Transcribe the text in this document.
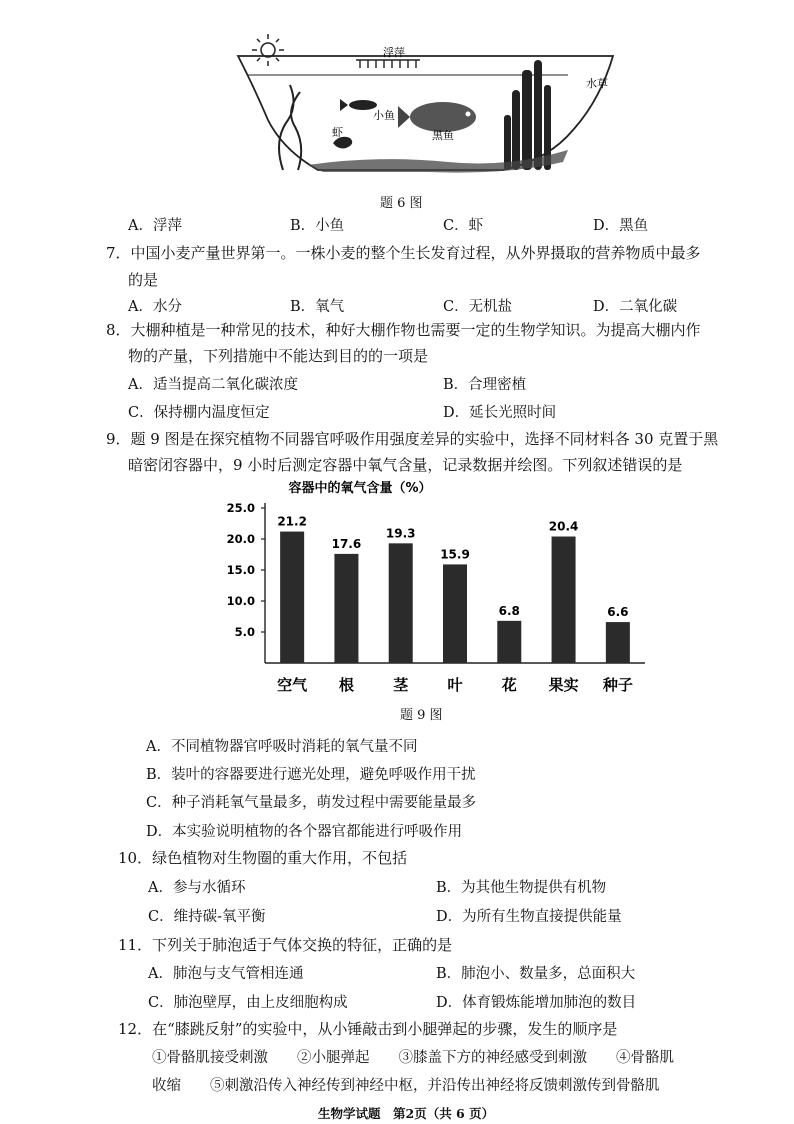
浮萍
小鱼
虾	黑鱼
水草
题 6 图
A．浮萍	B．小鱼	C．虾	D．黑鱼
7．中国小麦产量世界第一。一株小麦的整个生长发育过程，从外界摄取的营养物质中最多
的是
A．水分	B．氧气	C．无机盐	D．二氧化碳
8．大棚种植是一种常见的技术，种好大棚作物也需要一定的生物学知识。为提高大棚内作
物的产量，下列措施中不能达到目的的一项是
A．适当提高二氧化碳浓度	B．合理密植
C．保持棚内温度恒定	D．延长光照时间
9．题 9 图是在探究植物不同器官呼吸作用强度差异的实验中，选择不同材料各 30 克置于黑
暗密闭容器中，9 小时后测定容器中氧气含量，记录数据并绘图。下列叙述错误的是
容器中的氧气含量（%）
5.0
10.0
15.0
20.0
25.0
21.2
17.6
19.3
15.9
6.8
20.4
6.6
空气 根	茎	叶	花 果实 种子
题 9 图
A．不同植物器官呼吸时消耗的氧气量不同
B．装叶的容器要进行遮光处理，避免呼吸作用干扰
C．种子消耗氧气量最多，萌发过程中需要能量最多
D．本实验说明植物的各个器官都能进行呼吸作用
10．绿色植物对生物圈的重大作用，不包括
A．参与水循环	B．为其他生物提供有机物
C．维持碳-氧平衡	D．为所有生物直接提供能量
11．下列关于肺泡适于气体交换的特征，正确的是
A．肺泡与支气管相连通	B．肺泡小、数量多，总面积大
C．肺泡壁厚，由上皮细胞构成	D．体育锻炼能增加肺泡的数目
12．在“膝跳反射”的实验中，从小锤敲击到小腿弹起的步骤，发生的顺序是
①骨骼肌接受刺激　　②小腿弹起　　③膝盖下方的神经感受到刺激　　④骨骼肌
收缩　　⑤刺激沿传入神经传到神经中枢，并沿传出神经将反馈刺激传到骨骼肌
生物学试题　第2页（共 6 页）
